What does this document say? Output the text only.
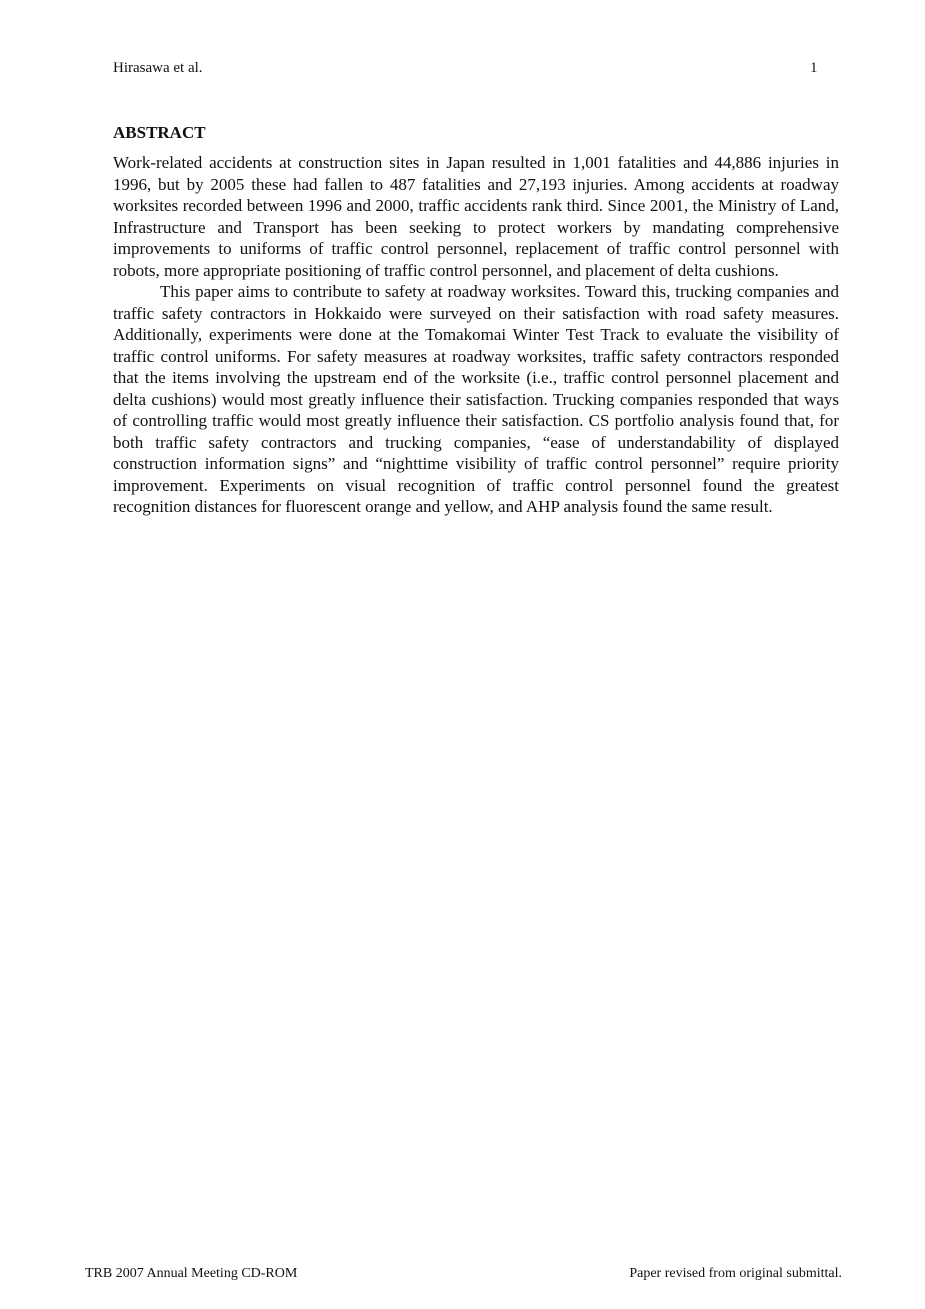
Hirasawa et al.	1
ABSTRACT

Work-related accidents at construction sites in Japan resulted in 1,001 fatalities and 44,886 injuries in 1996, but by 2005 these had fallen to 487 fatalities and 27,193 injuries. Among accidents at roadway worksites recorded between 1996 and 2000, traffic accidents rank third. Since 2001, the Ministry of Land, Infrastructure and Transport has been seeking to protect workers by mandating comprehensive improvements to uniforms of traffic control personnel, replacement of traffic control personnel with robots, more appropriate positioning of traffic control personnel, and placement of delta cushions.

This paper aims to contribute to safety at roadway worksites. Toward this, trucking companies and traffic safety contractors in Hokkaido were surveyed on their satisfaction with road safety measures. Additionally, experiments were done at the Tomakomai Winter Test Track to evaluate the visibility of traffic control uniforms. For safety measures at roadway worksites, traffic safety contractors responded that the items involving the upstream end of the worksite (i.e., traffic control personnel placement and delta cushions) would most greatly influence their satisfaction. Trucking companies responded that ways of controlling traffic would most greatly influence their satisfaction. CS portfolio analysis found that, for both traffic safety contractors and trucking companies, “ease of understandability of displayed construction information signs” and “nighttime visibility of traffic control personnel” require priority improvement. Experiments on visual recognition of traffic control personnel found the greatest recognition distances for fluorescent orange and yellow, and AHP analysis found the same result.

TRB 2007 Annual Meeting CD-ROM	Paper revised from original submittal.
